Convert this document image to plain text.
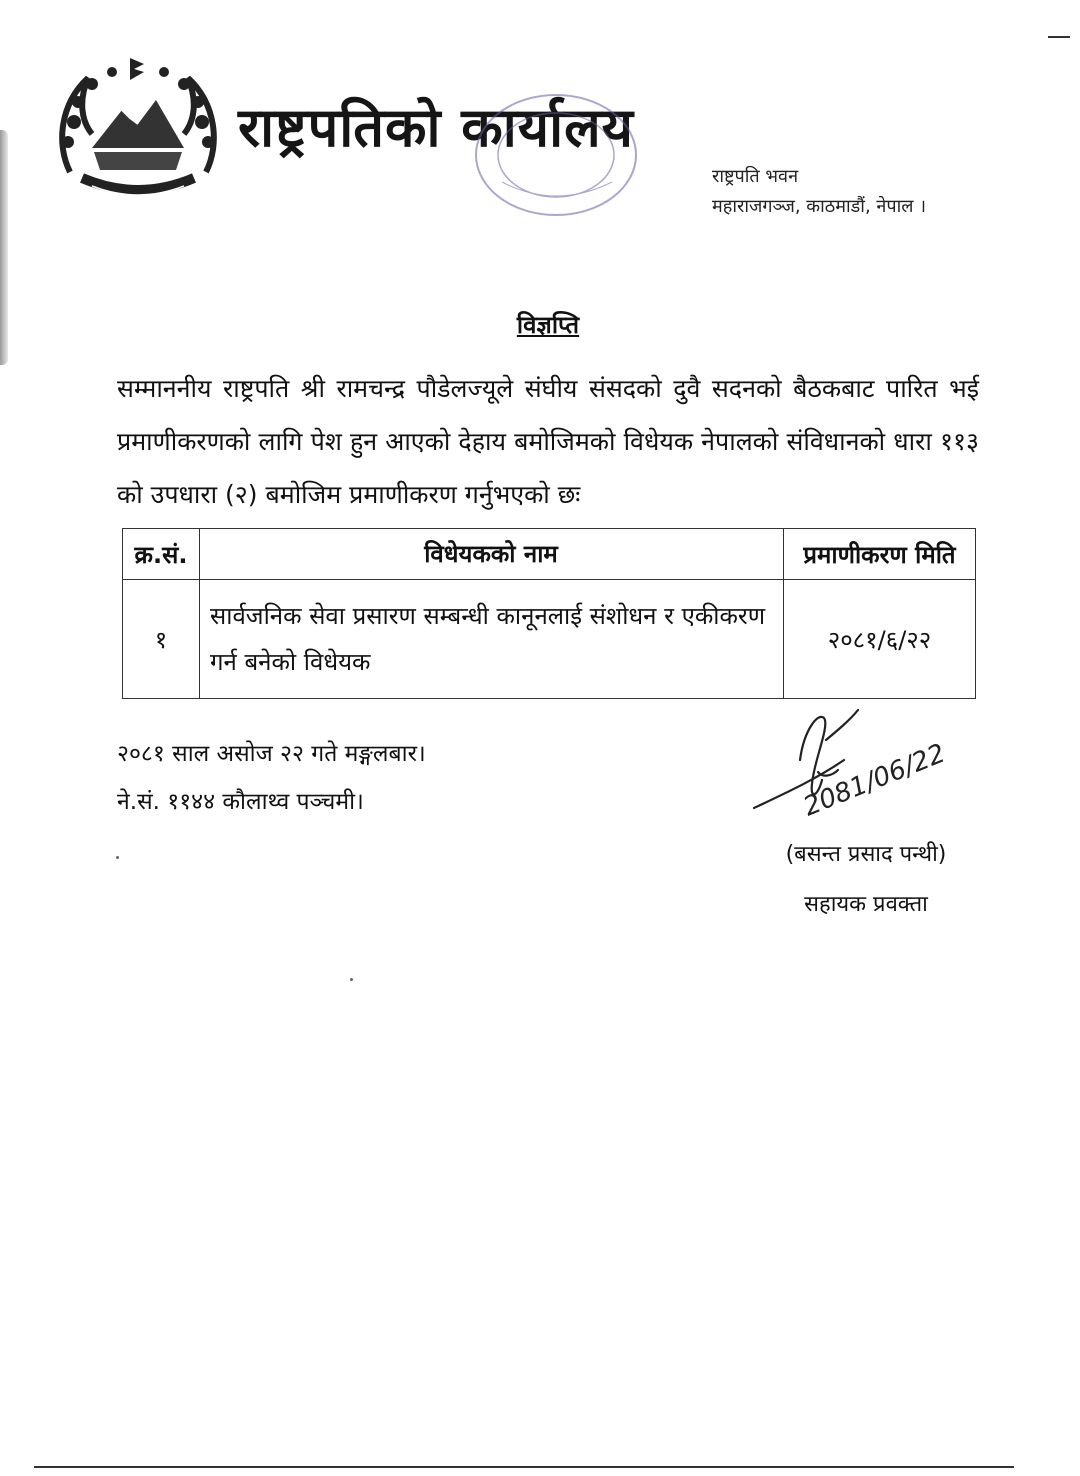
राष्ट्रपतिको कार्यालय
राष्ट्रपति भवन
महाराजगञ्ज, काठमाडौं, नेपाल ।
विज्ञप्ति
सम्माननीय राष्ट्रपति श्री रामचन्द्र पौडेलज्यूले संघीय संसदको दुवै सदनको बैठकबाट पारित भई प्रमाणीकरणको लागि पेश हुन आएको देहाय बमोजिमको विधेयक नेपालको संविधानको धारा ११३ को उपधारा (२) बमोजिम प्रमाणीकरण गर्नुभएको छः
क्र.सं.	विधेयकको नाम	प्रमाणीकरण मिति
१	सार्वजनिक सेवा प्रसारण सम्बन्धी कानूनलाई संशोधन र एकीकरण गर्न बनेको विधेयक	२०८१/६/२२
२०८१ साल असोज २२ गते मङ्गलबार।
ने.सं. ११४४ कौलाथ्व पञ्चमी।	2081/06/22
(बसन्त प्रसाद पन्थी)
सहायक प्रवक्ता
